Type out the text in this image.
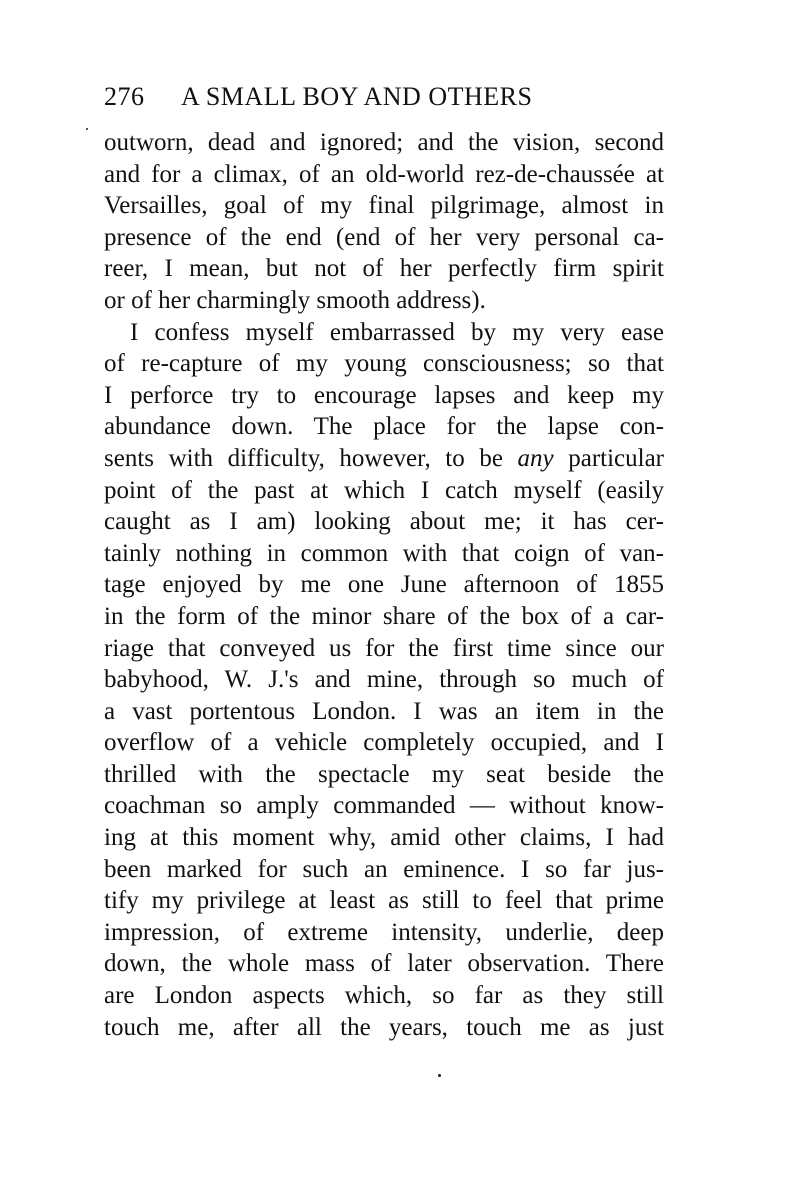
276 A SMALL BOY AND OTHERS
outworn, dead and ignored; and the vision, second
and for a climax, of an old-world rez-de-chaussée at
Versailles, goal of my final pilgrimage, almost in
presence of the end (end of her very personal ca-
reer, I mean, but not of her perfectly firm spirit
or of her charmingly smooth address).
I confess myself embarrassed by my very ease
of re-capture of my young consciousness; so that
I perforce try to encourage lapses and keep my
abundance down. The place for the lapse con-
sents with difficulty, however, to be any particular
point of the past at which I catch myself (easily
caught as I am) looking about me; it has cer-
tainly nothing in common with that coign of van-
tage enjoyed by me one June afternoon of 1855
in the form of the minor share of the box of a car-
riage that conveyed us for the first time since our
babyhood, W. J.'s and mine, through so much of
a vast portentous London. I was an item in the
overflow of a vehicle completely occupied, and I
thrilled with the spectacle my seat beside the
coachman so amply commanded — without know-
ing at this moment why, amid other claims, I had
been marked for such an eminence. I so far jus-
tify my privilege at least as still to feel that prime
impression, of extreme intensity, underlie, deep
down, the whole mass of later observation. There
are London aspects which, so far as they still
touch me, after all the years, touch me as just
